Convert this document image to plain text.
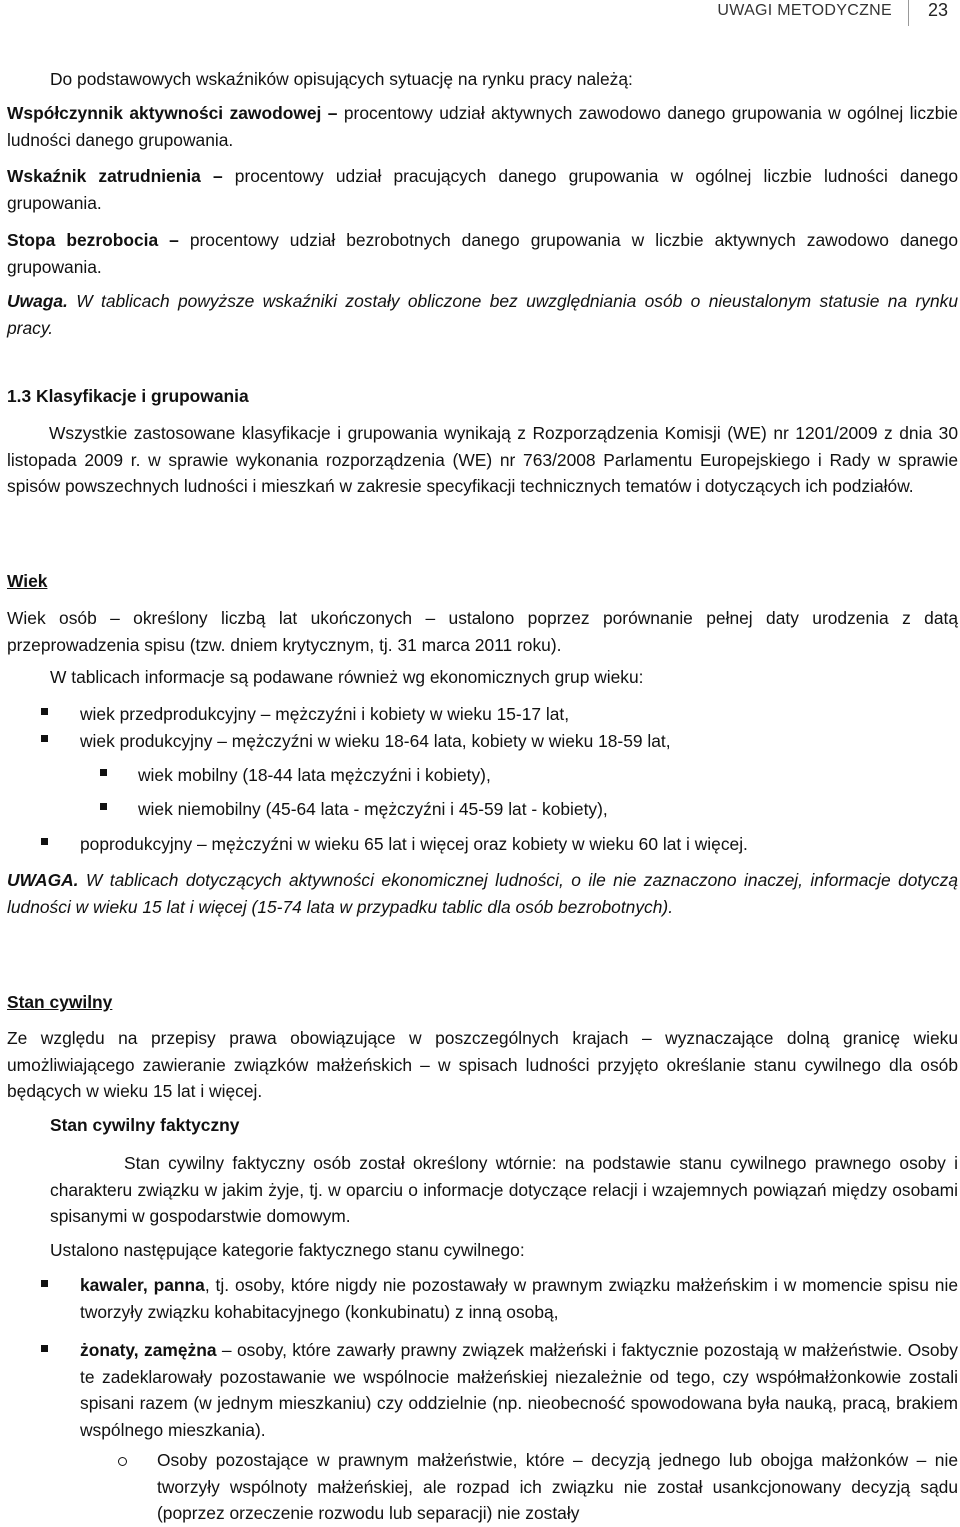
UWAGI METODYCZNE 23
Do podstawowych wskaźników opisujących sytuację na rynku pracy należą:
Współczynnik aktywności zawodowej – procentowy udział aktywnych zawodowo danego grupowania w ogólnej liczbie ludności danego grupowania.
Wskaźnik zatrudnienia – procentowy udział pracujących danego grupowania w ogólnej liczbie ludności danego grupowania.
Stopa bezrobocia – procentowy udział bezrobotnych danego grupowania w liczbie aktywnych zawodowo danego grupowania.
Uwaga. W tablicach powyższe wskaźniki zostały obliczone bez uwzględniania osób o nieustalonym statusie na rynku pracy.
1.3 Klasyfikacje i grupowania
Wszystkie zastosowane klasyfikacje i grupowania wynikają z Rozporządzenia Komisji (WE) nr 1201/2009 z dnia 30 listopada 2009 r. w sprawie wykonania rozporządzenia (WE) nr 763/2008 Parlamentu Europejskiego i Rady w sprawie spisów powszechnych ludności i mieszkań w zakresie specyfikacji technicznych tematów i dotyczących ich podziałów.
Wiek
Wiek osób – określony liczbą lat ukończonych – ustalono poprzez porównanie pełnej daty urodzenia z datą przeprowadzenia spisu (tzw. dniem krytycznym, tj. 31 marca 2011 roku).
W tablicach informacje są podawane również wg ekonomicznych grup wieku:
wiek przedprodukcyjny – mężczyźni i kobiety w wieku 15-17 lat,
wiek produkcyjny – mężczyźni w wieku 18-64 lata, kobiety w wieku 18-59 lat,
wiek mobilny (18-44 lata mężczyźni i kobiety),
wiek niemobilny (45-64 lata - mężczyźni i 45-59 lat - kobiety),
poprodukcyjny – mężczyźni w wieku 65 lat i więcej oraz kobiety w wieku 60 lat i więcej.
UWAGA. W tablicach dotyczących aktywności ekonomicznej ludności, o ile nie zaznaczono inaczej, informacje dotyczą ludności w wieku 15 lat i więcej (15-74 lata w przypadku tablic dla osób bezrobotnych).
Stan cywilny
Ze względu na przepisy prawa obowiązujące w poszczególnych krajach – wyznaczające dolną granicę wieku umożliwiającego zawieranie związków małżeńskich – w spisach ludności przyjęto określanie stanu cywilnego dla osób będących w wieku 15 lat i więcej.
Stan cywilny faktyczny
Stan cywilny faktyczny osób został określony wtórnie: na podstawie stanu cywilnego prawnego osoby i charakteru związku w jakim żyje, tj. w oparciu o informacje dotyczące relacji i wzajemnych powiązań między osobami spisanymi w gospodarstwie domowym.
Ustalono następujące kategorie faktycznego stanu cywilnego:
kawaler, panna, tj. osoby, które nigdy nie pozostawały w prawnym związku małżeńskim i w momencie spisu nie tworzyły związku kohabitacyjnego (konkubinatu) z inną osobą,
żonaty, zamężna – osoby, które zawarły prawny związek małżeński i faktycznie pozostają w małżeństwie. Osoby te zadeklarowały pozostawanie we wspólnocie małżeńskiej niezależnie od tego, czy współmałżonkowie zostali spisani razem (w jednym mieszkaniu) czy oddzielnie (np. nieobecność spowodowana była nauką, pracą, brakiem wspólnego mieszkania).
Osoby pozostające w prawnym małżeństwie, które – decyzją jednego lub obojga małżonków – nie tworzyły wspólnoty małżeńskiej, ale rozpad ich związku nie został usankcjonowany decyzją sądu (poprzez orzeczenie rozwodu lub separacji) nie zostały
